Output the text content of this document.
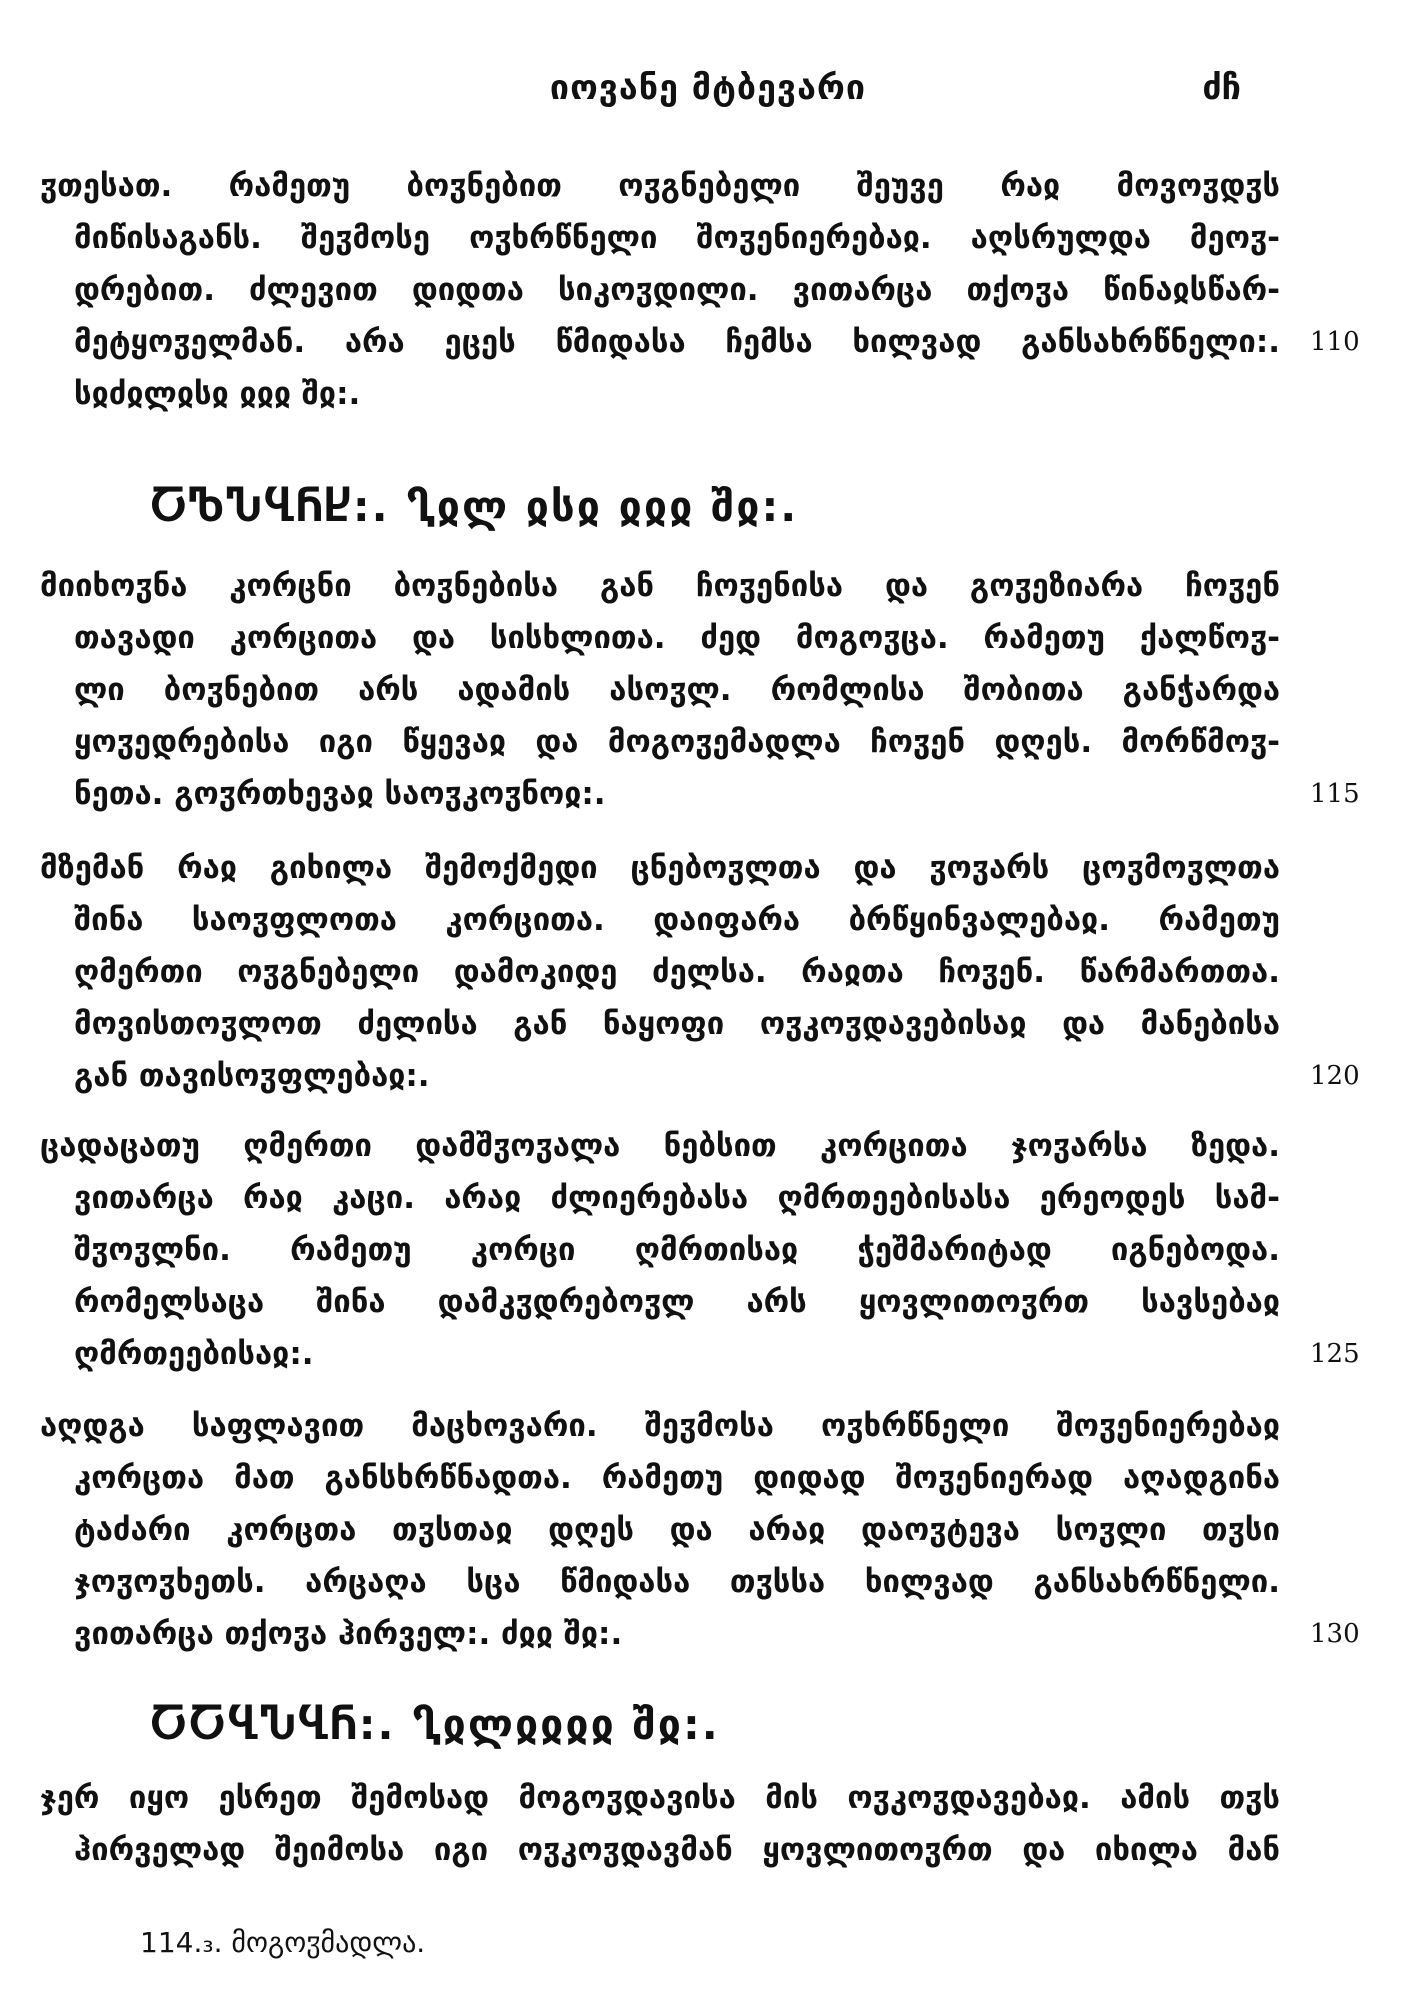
იოვანე მტბევარი	ძჩ
ჳთესათ. რამეთუ ბოჳნებით ოჳგნებელი შეუვე რაჲ მოვოჳდჳს
მიწისაგანს. შეჳმოსე ოჳხრწნელი შოჳენიერებაჲ. აღსრულდა მეოჳ-
დრებით. ძლევით დიდთა სიკოჳდილი. ვითარცა თქოჳა წინაჲსწარ-
მეტყოჳელმან. არა ეცეს წმიდასა ჩემსა ხილვად განსახრწნელი:. 110
სჲძჲლჲსჲ ჲჲჲ შჲ:.
ႠႪჀႡႬႾ:. Ⴂჲლ ჲსჲ ჲჲჲ შჲ:.
მიიხოჳნა კორცნი ბოჳნებისა გან ჩოჳენისა და გოჳეზიარა ჩოჳენ
თავადი კორცითა და სისხლითა. ძედ მოგოჳცა. რამეთუ ქალწოჳ-
ლი ბოჳნებით არს ადამის ასოჳლ. რომლისა შობითა განჭარდა
ყოჳედრებისა იგი წყევაჲ და მოგოჳემადლა ჩოჳენ დღეს. მორწმოჳ-
ნეთა. გოჳრთხევაჲ საოჳკოჳნოჲ:.	115
მზემან რაჲ გიხილა შემოქმედი ცნებოჳლთა და ჳოჳარს ცოჳმოჳლთა
შინა საოჳფლოთა კორცითა. დაიფარა ბრწყინვალებაჲ. რამეთუ
ღმერთი ოჳგნებელი დამოკიდე ძელსა. რაჲთა ჩოჳენ. წარმართთა.
მოვისთოჳლოთ ძელისა გან ნაყოფი ოჳკოჳდავებისაჲ და მანებისა
გან თავისოჳფლებაჲ:.	120
ცადაცათუ ღმერთი დამშჳოჳალა ნებსით კორცითა ჯოჳარსა ზედა.
ვითარცა რაჲ კაცი. არაჲ ძლიერებასა ღმრთეებისასა ერეოდეს სამ-
შჳოჳლნი. რამეთუ კორცი ღმრთისაჲ ჭეშმარიტად იგნებოდა.
რომელსაცა შინა დამკჳდრებოჳლ არს ყოვლითოჳრთ სავსებაჲ
ღმრთეებისაჲ:.	125
აღდგა საფლავით მაცხოვარი. შეჳმოსა ოჳხრწნელი შოჳენიერებაჲ
კორცთა მათ განსხრწნადთა. რამეთუ დიდად შოჳენიერად აღადგინა
ტაძარი კორცთა თჳსთაჲ დღეს და არაჲ დაოჳტევა სოჳლი თჳსი
ჯოჳოჳხეთს. არცაღა სცა წმიდასა თჳსსა ხილვად განსახრწნელი.
ვითარცა თქოჳა ჰირველ:. ძჲჲ შჲ:.	130
ႠႠႡჀႡႬ:. Ⴂჲლჲჲჲჲ შჲ:.
ჯერ იყო ესრეთ შემოსად მოგოჳდავისა მის ოჳკოჳდავებაჲ. ამის თჳს
ჰირველად შეიმოსა იგი ოჳკოჳდავმან ყოვლითოჳრთ და იხილა მან
114.₃. მოგოჳმადლა.
